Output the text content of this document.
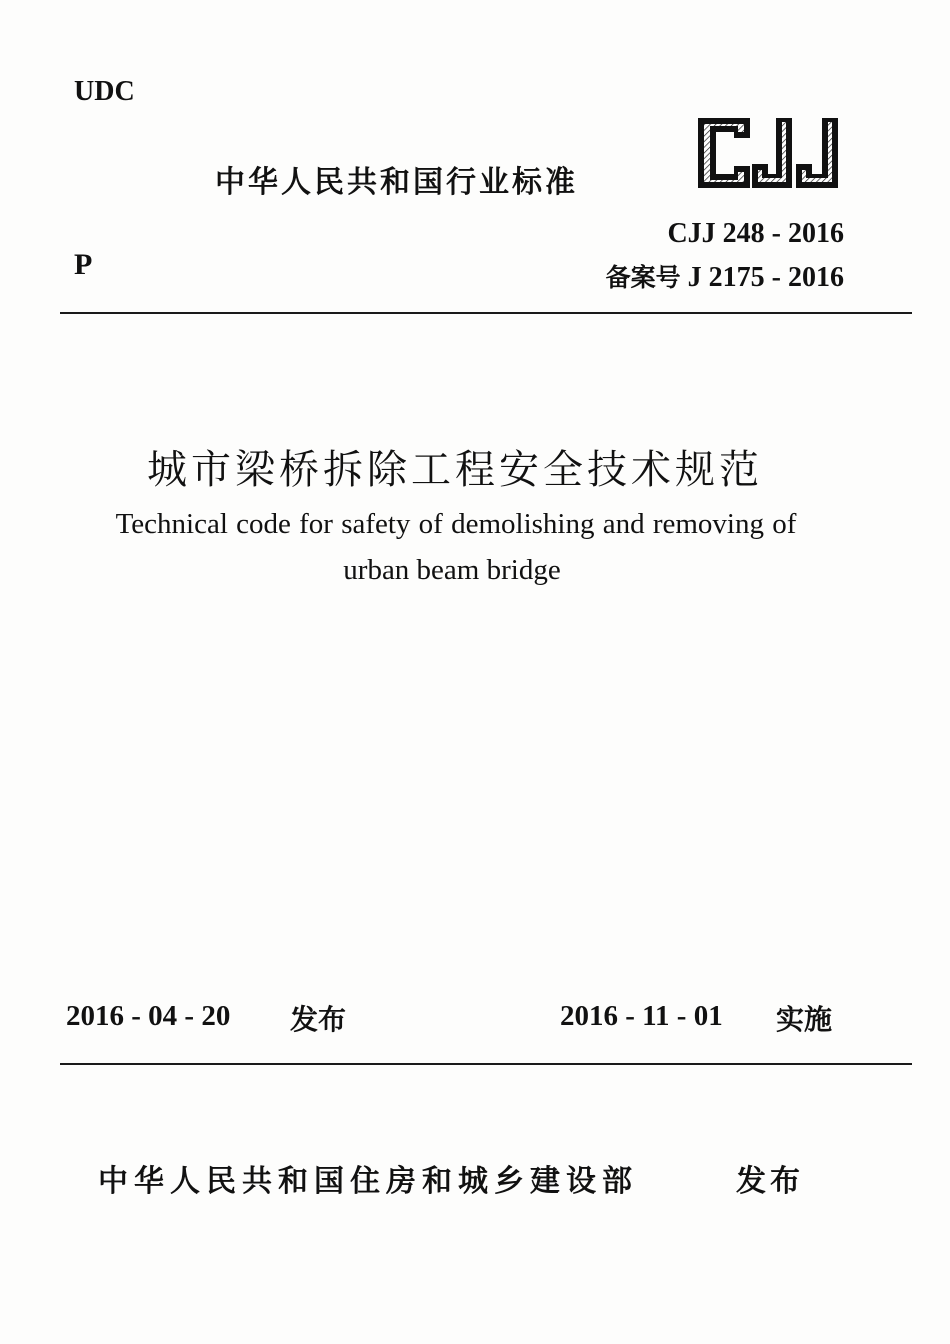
UDC
中华人民共和国行业标准
CJJ 248 - 2016
P	备案号 J 2175 - 2016
城市梁桥拆除工程安全技术规范
Technical code for safety of demolishing and removing of
urban beam bridge
2016 - 04 - 20 发布	2016 - 11 - 01 实施
中华人民共和国住房和城乡建设部	发布
